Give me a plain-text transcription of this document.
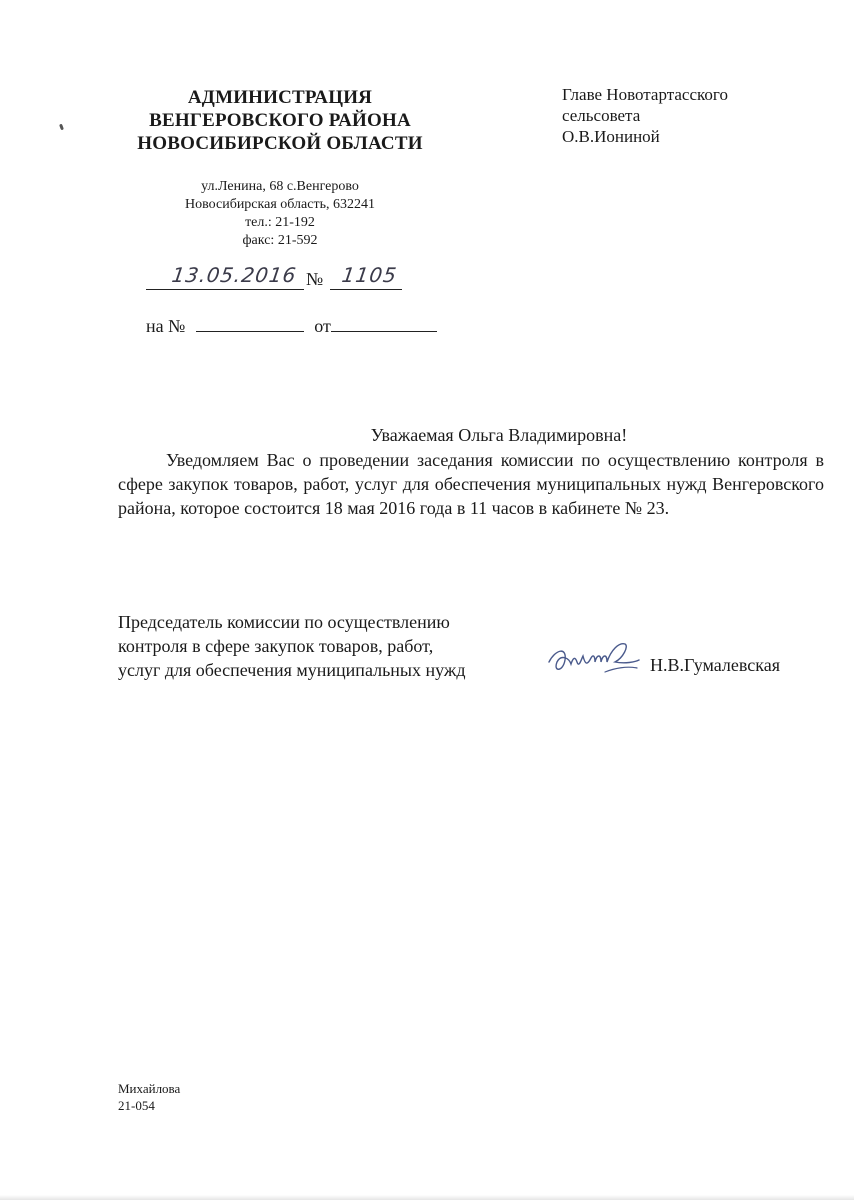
АДМИНИСТРАЦИЯ
ВЕНГЕРОВСКОГО РАЙОНА
НОВОСИБИРСКОЙ ОБЛАСТИ
ул.Ленина, 68 с.Венгерово
Новосибирская область, 632241
тел.: 21-192
факс: 21-592
Главе Новотартасского
сельсовета
О.В.Иониной
13.05.2016 № 1105
на №	от
Уважаемая Ольга Владимировна!
Уведомляем Вас о проведении заседания комиссии по осуществлению контроля в сфере закупок товаров, работ, услуг для обеспечения муниципальных нужд Венгеровского района, которое состоится 18 мая 2016 года в 11 часов в кабинете № 23.
Председатель комиссии по осуществлению
контроля в сфере закупок товаров, работ,
услуг для обеспечения муниципальных нужд	Н.В.Гумалевская
Михайлова
21-054
